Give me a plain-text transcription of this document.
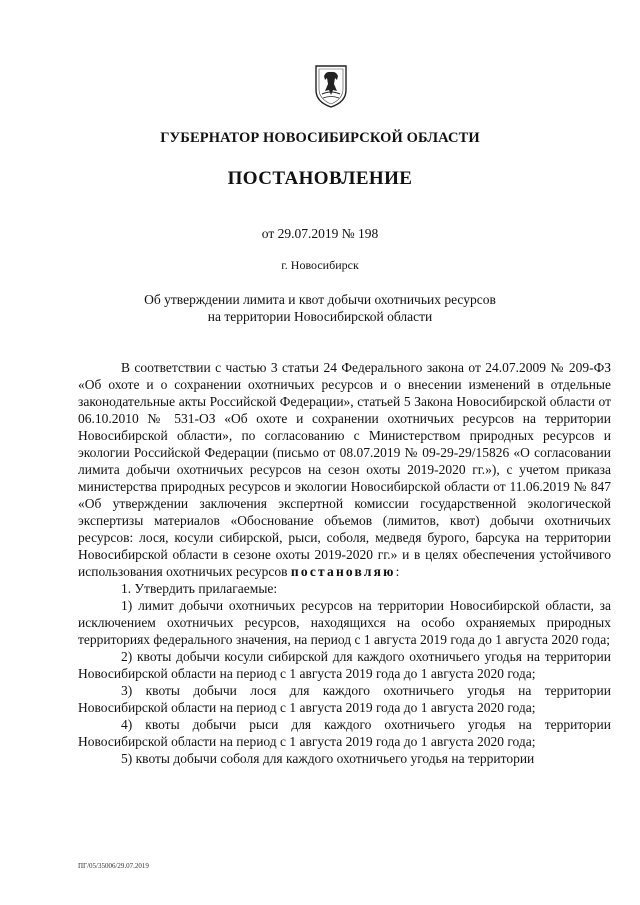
ГУБЕРНАТОР НОВОСИБИРСКОЙ ОБЛАСТИ
ПОСТАНОВЛЕНИЕ
от 29.07.2019 № 198
г. Новосибирск
Об утверждении лимита и квот добычи охотничьих ресурсов
на территории Новосибирской области

В соответствии с частью 3 статьи 24 Федерального закона от 24.07.2009 № 209-ФЗ «Об охоте и о сохранении охотничьих ресурсов и о внесении изменений в отдельные законодательные акты Российской Федерации», статьей 5 Закона Новосибирской области от 06.10.2010 № 531-ОЗ «Об охоте и сохранении охотничьих ресурсов на территории Новосибирской области», по согласованию с Министерством природных ресурсов и экологии Российской Федерации (письмо от 08.07.2019 № 09-29-29/15826 «О согласовании лимита добычи охотничьих ресурсов на сезон охоты 2019-2020 гг.»), с учетом приказа министерства природных ресурсов и экологии Новосибирской области от 11.06.2019 № 847 «Об утверждении заключения экспертной комиссии государственной экологической экспертизы материалов «Обоснование объемов (лимитов, квот) добычи охотничьих ресурсов: лося, косули сибирской, рыси, соболя, медведя бурого, барсука на территории Новосибирской области в сезоне охоты 2019-2020 гг.» и в целях обеспечения устойчивого использования охотничьих ресурсов постановляю:

1. Утвердить прилагаемые:

1) лимит добычи охотничьих ресурсов на территории Новосибирской области, за исключением охотничьих ресурсов, находящихся на особо охраняемых природных территориях федерального значения, на период с 1 августа 2019 года до 1 августа 2020 года;

2) квоты добычи косули сибирской для каждого охотничьего угодья на территории Новосибирской области на период с 1 августа 2019 года до 1 августа 2020 года;

3) квоты добычи лося для каждого охотничьего угодья на территории Новосибирской области на период с 1 августа 2019 года до 1 августа 2020 года;

4) квоты добычи рыси для каждого охотничьего угодья на территории Новосибирской области на период с 1 августа 2019 года до 1 августа 2020 года;

5) квоты добычи соболя для каждого охотничьего угодья на территории

ПГ/05/35006/29.07.2019
